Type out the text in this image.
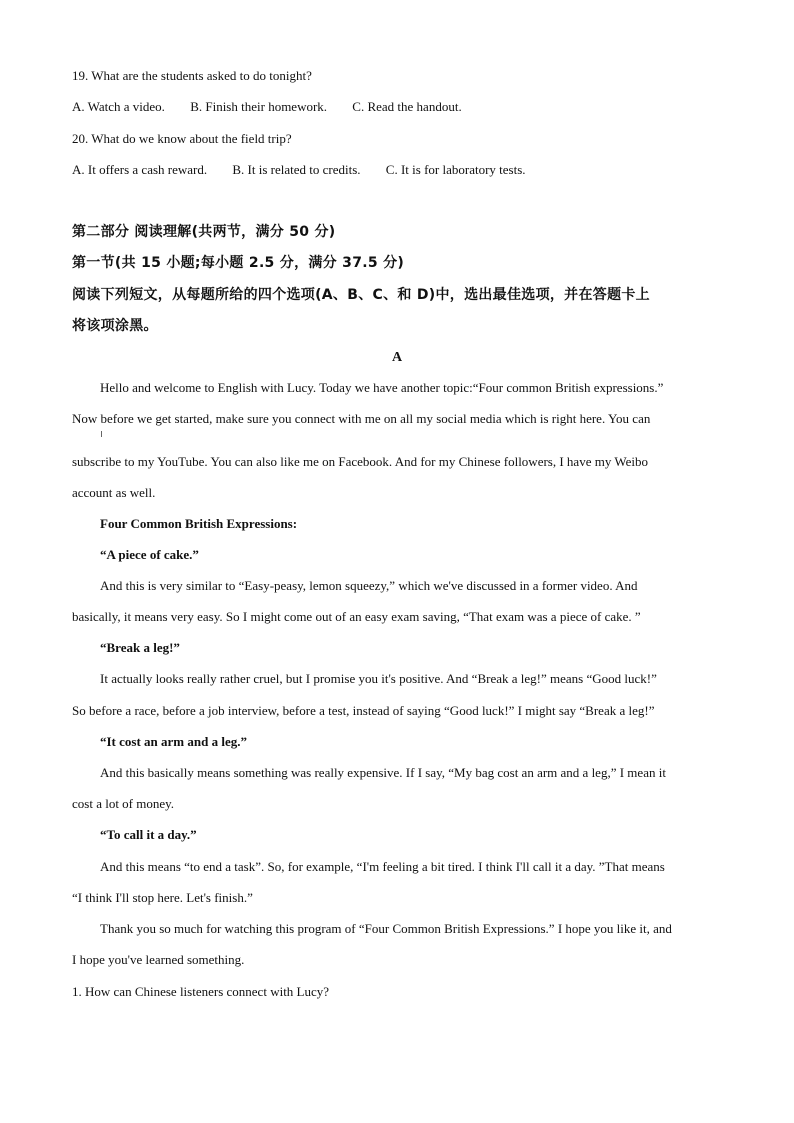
19. What are the students asked to do tonight?
A. Watch a video. B. Finish their homework. C. Read the handout.
20. What do we know about the field trip?
A. It offers a cash reward. B. It is related to credits. C. It is for laboratory tests.
第二部分 阅读理解(共两节，满分 50 分)
第一节(共 15 小题;每小题 2.5 分，满分 37.5 分)
阅读下列短文，从每题所给的四个选项(A、B、C、和 D)中，选出最佳选项，并在答题卡上
将该项涂黑。
A
Hello and welcome to English with Lucy. Today we have another topic:“Four common British expressions.”
Now before we get started, make sure you connect with me on all my social media which is right here. You can
subscribe to my YouTube. You can also like me on Facebook. And for my Chinese followers, I have my Weibo
account as well.
Four Common British Expressions:
“A piece of cake.”
And this is very similar to “Easy-peasy, lemon squeezy,” which we've discussed in a former video. And
basically, it means very easy. So I might come out of an easy exam saving, “That exam was a piece of cake. ”
“Break a leg!”
It actually looks really rather cruel, but I promise you it's positive. And “Break a leg!” means “Good luck!”
So before a race, before a job interview, before a test, instead of saying “Good luck!” I might say “Break a leg!”
“It cost an arm and a leg.”
And this basically means something was really expensive. If I say, “My bag cost an arm and a leg,” I mean it
cost a lot of money.
“To call it a day.”
And this means “to end a task”. So, for example, “I'm feeling a bit tired. I think I'll call it a day. ”That means
“I think I'll stop here. Let's finish.”
Thank you so much for watching this program of “Four Common British Expressions.” I hope you like it, and
I hope you've learned something.
1. How can Chinese listeners connect with Lucy?
